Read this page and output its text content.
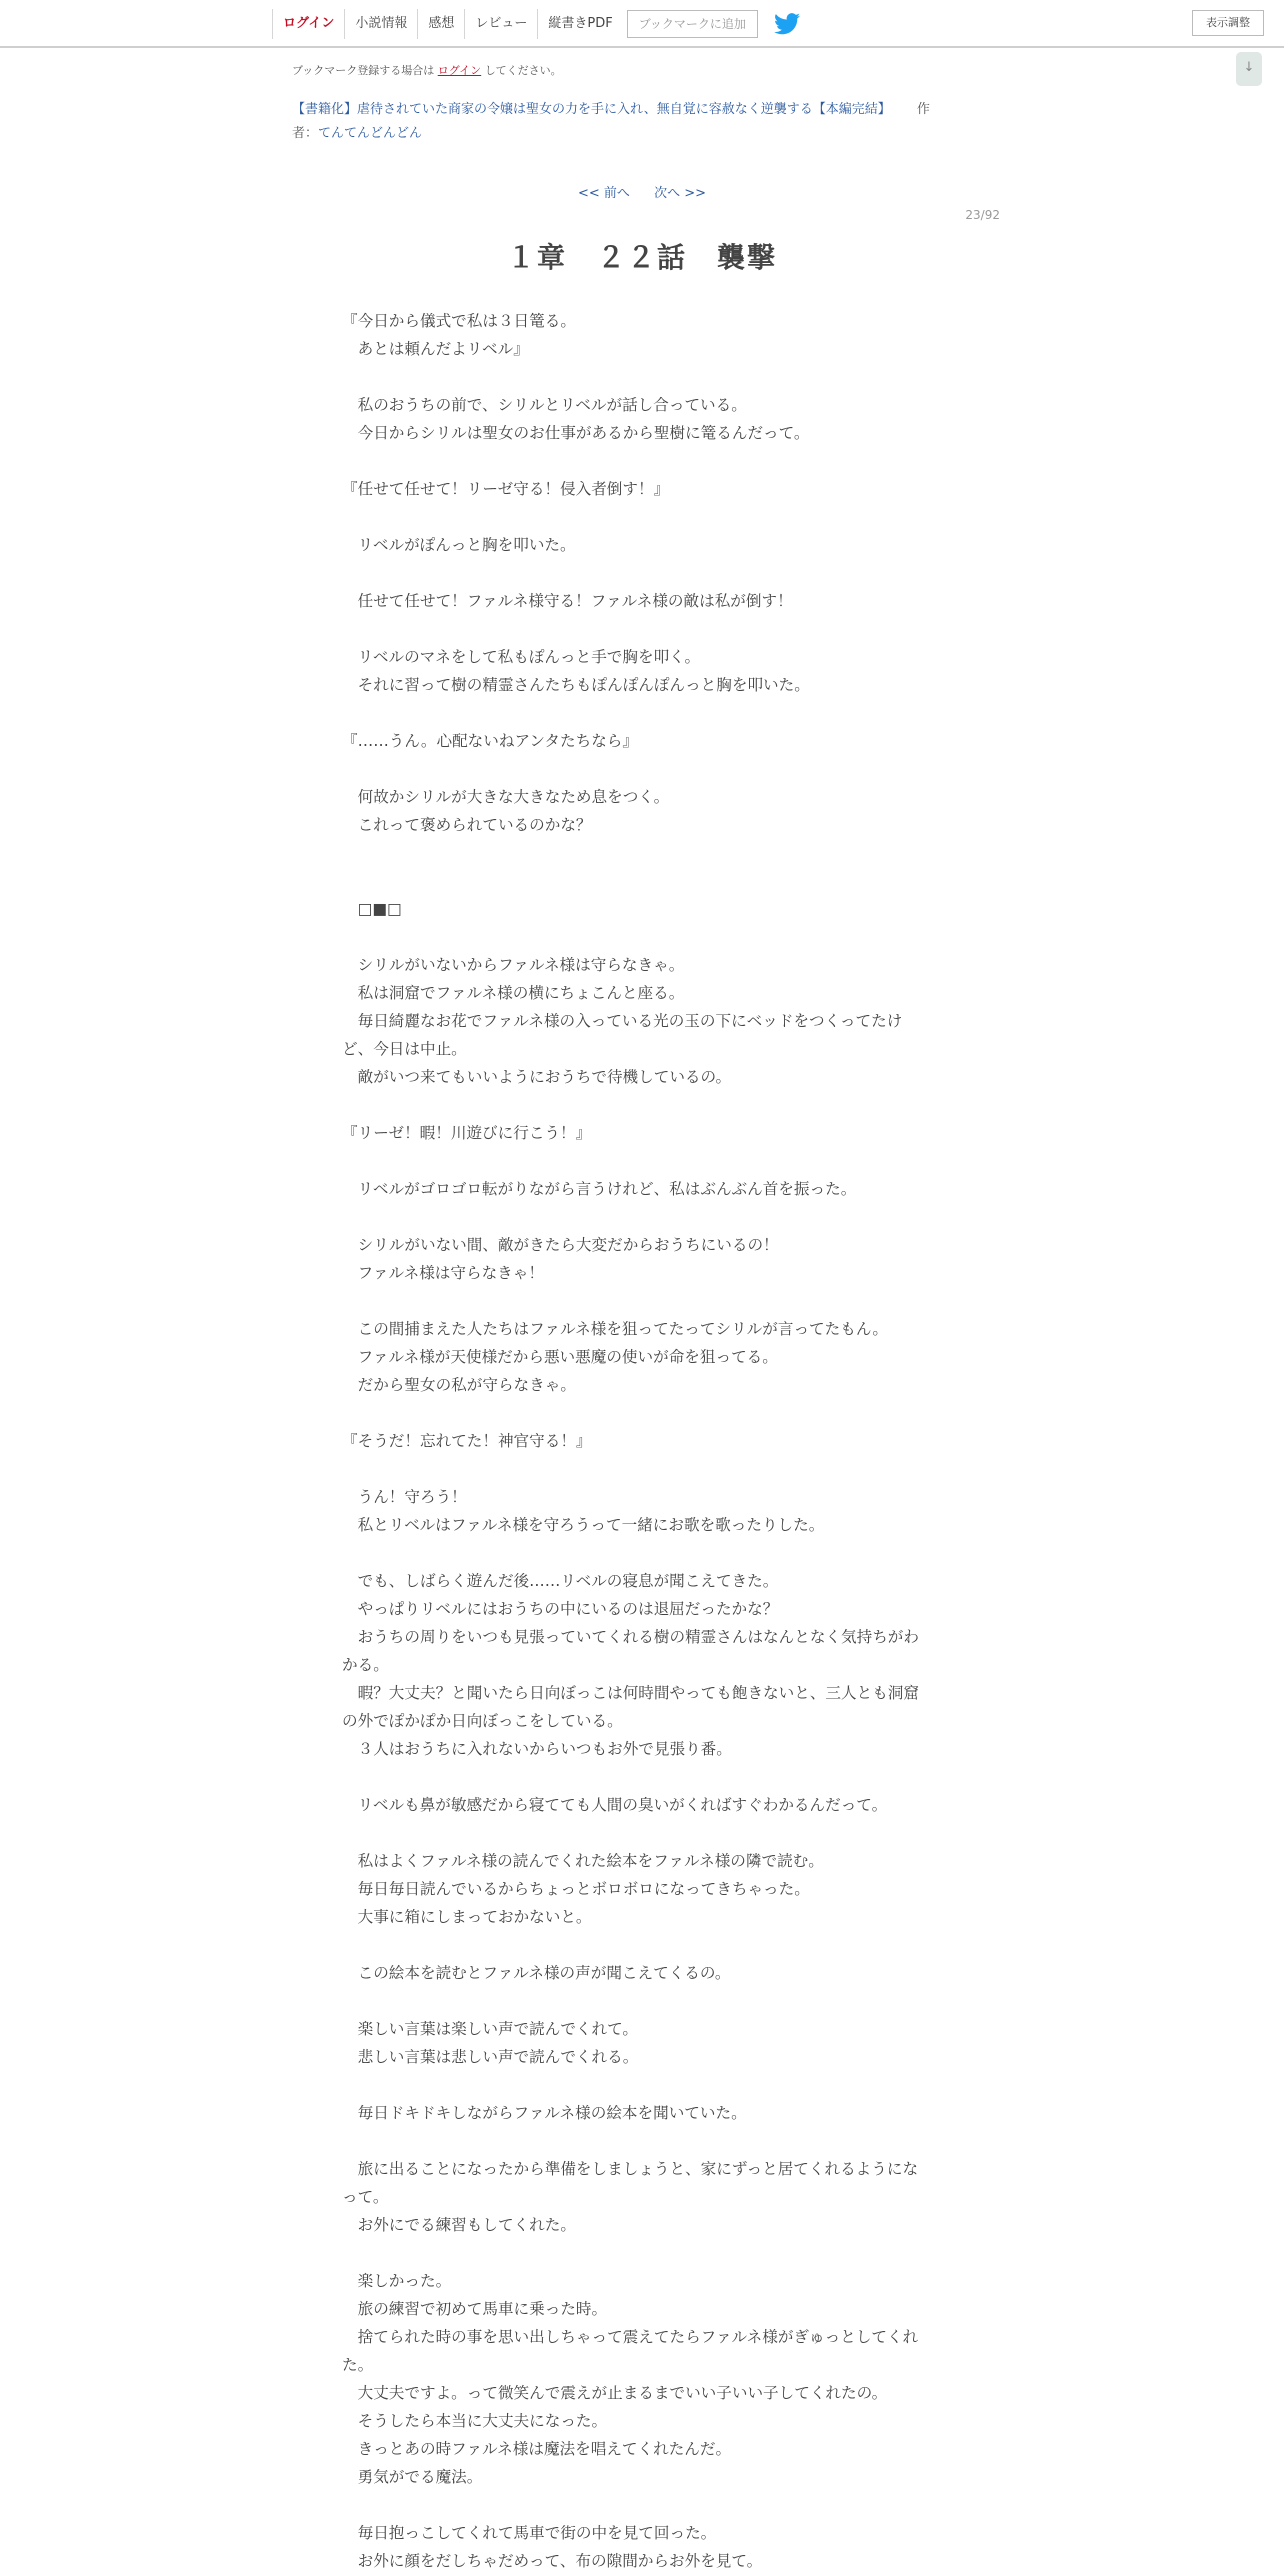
ログイン	小説情報	感想	レビュー	縦書きPDF	ブックマークに追加	表示調整
↓
ブックマーク登録する場合は ログイン してください。
【書籍化】虐待されていた商家の令嬢は聖女の力を手に入れ、無自覚に容赦なく逆襲する【本編完結】 作
者：てんてんどんどん
<< 前へ 次へ >>
23/92
１章　２２話　襲撃

『今日から儀式で私は３日篭る。

　あとは頼んだよリベル』

　私のおうちの前で、シリルとリベルが話し合っている。

　今日からシリルは聖女のお仕事があるから聖樹に篭るんだって。

『任せて任せて！リーゼ守る！侵入者倒す！』

　リベルがぽんっと胸を叩いた。

　任せて任せて！ファルネ様守る！ファルネ様の敵は私が倒す！

　リベルのマネをして私もぽんっと手で胸を叩く。

　それに習って樹の精霊さんたちもぽんぽんぽんっと胸を叩いた。

『……うん。心配ないねアンタたちなら』

　何故かシリルが大きな大きなため息をつく。

　これって褒められているのかな？

　□■□

　シリルがいないからファルネ様は守らなきゃ。

　私は洞窟でファルネ様の横にちょこんと座る。

　毎日綺麗なお花でファルネ様の入っている光の玉の下にベッドをつくってたけ

ど、今日は中止。

　敵がいつ来てもいいようにおうちで待機しているの。

『リーゼ！暇！川遊びに行こう！』

　リベルがゴロゴロ転がりながら言うけれど、私はぶんぶん首を振った。

　シリルがいない間、敵がきたら大変だからおうちにいるの！

　ファルネ様は守らなきゃ！

　この間捕まえた人たちはファルネ様を狙ってたってシリルが言ってたもん。

　ファルネ様が天使様だから悪い悪魔の使いが命を狙ってる。

　だから聖女の私が守らなきゃ。

『そうだ！忘れてた！神官守る！』

　うん！守ろう！

　私とリベルはファルネ様を守ろうって一緒にお歌を歌ったりした。

　でも、しばらく遊んだ後……リベルの寝息が聞こえてきた。

　やっぱりリベルにはおうちの中にいるのは退屈だったかな？

　おうちの周りをいつも見張っていてくれる樹の精霊さんはなんとなく気持ちがわ

かる。

　暇？大丈夫？と聞いたら日向ぼっこは何時間やっても飽きないと、三人とも洞窟

の外でぽかぽか日向ぼっこをしている。

　３人はおうちに入れないからいつもお外で見張り番。

　リベルも鼻が敏感だから寝てても人間の臭いがくればすぐわかるんだって。

　私はよくファルネ様の読んでくれた絵本をファルネ様の隣で読む。

　毎日毎日読んでいるからちょっとボロボロになってきちゃった。

　大事に箱にしまっておかないと。

　この絵本を読むとファルネ様の声が聞こえてくるの。

　楽しい言葉は楽しい声で読んでくれて。

　悲しい言葉は悲しい声で読んでくれる。

　毎日ドキドキしながらファルネ様の絵本を聞いていた。

　旅に出ることになったから準備をしましょうと、家にずっと居てくれるようにな

って。

　お外にでる練習もしてくれた。

　楽しかった。

　旅の練習で初めて馬車に乗った時。

　捨てられた時の事を思い出しちゃって震えてたらファルネ様がぎゅっとしてくれ

た。

　大丈夫ですよ。って微笑んで震えが止まるまでいい子いい子してくれたの。

　そうしたら本当に大丈夫になった。

　きっとあの時ファルネ様は魔法を唱えてくれたんだ。

　勇気がでる魔法。

　毎日抱っこしてくれて馬車で街の中を見て回った。

　お外に顔をだしちゃだめって、布の隙間からお外を見て。
